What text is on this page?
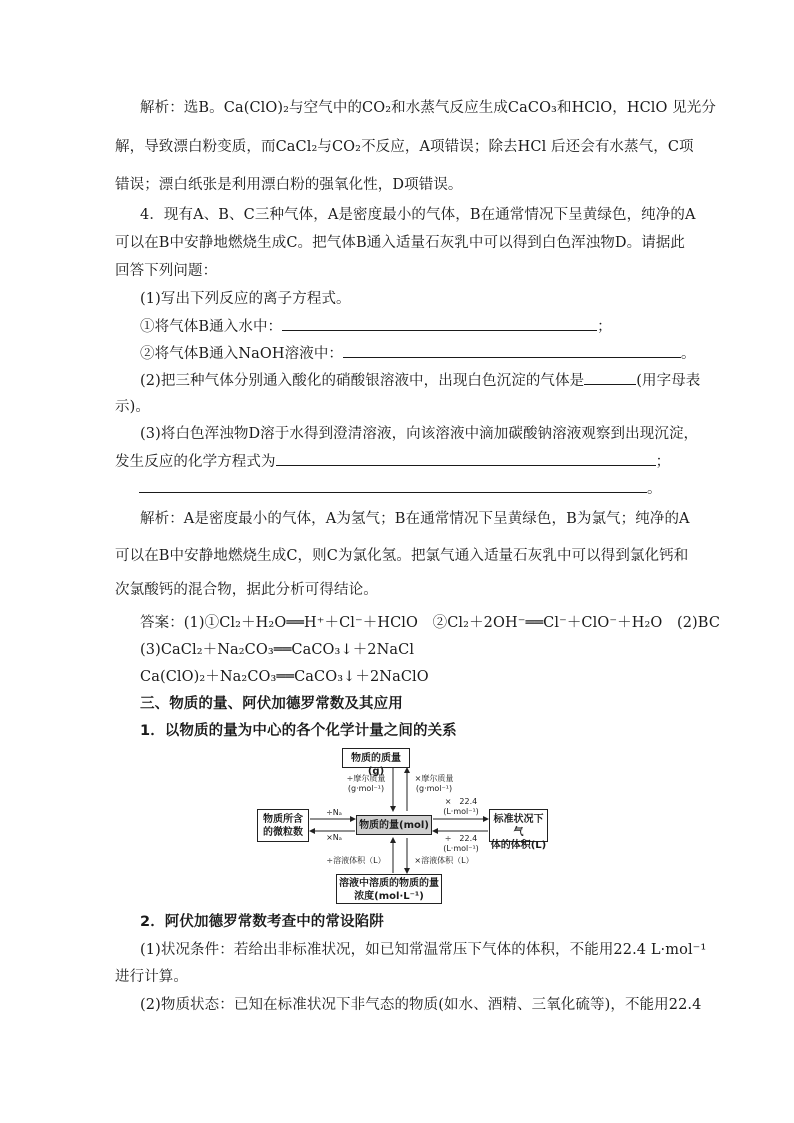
解析：选B。Ca(ClO)₂与空气中的CO₂和水蒸气反应生成CaCO₃和HClO，HClO 见光分
解，导致漂白粉变质，而CaCl₂与CO₂不反应，A项错误；除去HCl 后还会有水蒸气，C项
错误；漂白纸张是利用漂白粉的强氧化性，D项错误。
4．现有A、B、C三种气体，A是密度最小的气体，B在通常情况下呈黄绿色，纯净的A
可以在B中安静地燃烧生成C。把气体B通入适量石灰乳中可以得到白色浑浊物D。请据此
回答下列问题：
(1)写出下列反应的离子方程式。
①将气体B通入水中：	；
②将气体B通入NaOH溶液中：	。
(2)把三种气体分别通入酸化的硝酸银溶液中，出现白色沉淀的气体是	(用字母表
示)。
(3)将白色浑浊物D溶于水得到澄清溶液，向该溶液中滴加碳酸钠溶液观察到出现沉淀，
发生反应的化学方程式为	；
。
解析：A是密度最小的气体，A为氢气；B在通常情况下呈黄绿色，B为氯气；纯净的A
可以在B中安静地燃烧生成C，则C为氯化氢。把氯气通入适量石灰乳中可以得到氯化钙和
次氯酸钙的混合物，据此分析可得结论。
答案：(1)①Cl₂＋H₂O══H⁺＋Cl⁻＋HClO　②Cl₂＋2OH⁻══Cl⁻＋ClO⁻＋H₂O　(2)BC
(3)CaCl₂＋Na₂CO₃══CaCO₃↓＋2NaCl
Ca(ClO)₂＋Na₂CO₃══CaCO₃↓＋2NaClO
三、物质的量、阿伏加德罗常数及其应用
1．以物质的量为中心的各个化学计量之间的关系
物质的质量(g)
物质所含
的微粒数
物质的量(mol)
标准状况下气
体的体积(L)
溶液中溶质的物质的量
浓度(mol·L⁻¹)
÷摩尔质量
(g·mol⁻¹)
×摩尔质量
(g·mol⁻¹)
÷Nₐ
×Nₐ
×　22.4
(L·mol⁻¹)
÷　22.4
(L·mol⁻¹)
÷溶液体积（L）	×溶液体积（L）
2．阿伏加德罗常数考查中的常设陷阱
(1)状况条件：若给出非标准状况，如已知常温常压下气体的体积，不能用22.4 L·mol⁻¹
进行计算。
(2)物质状态：已知在标准状况下非气态的物质(如水、酒精、三氧化硫等)，不能用22.4
